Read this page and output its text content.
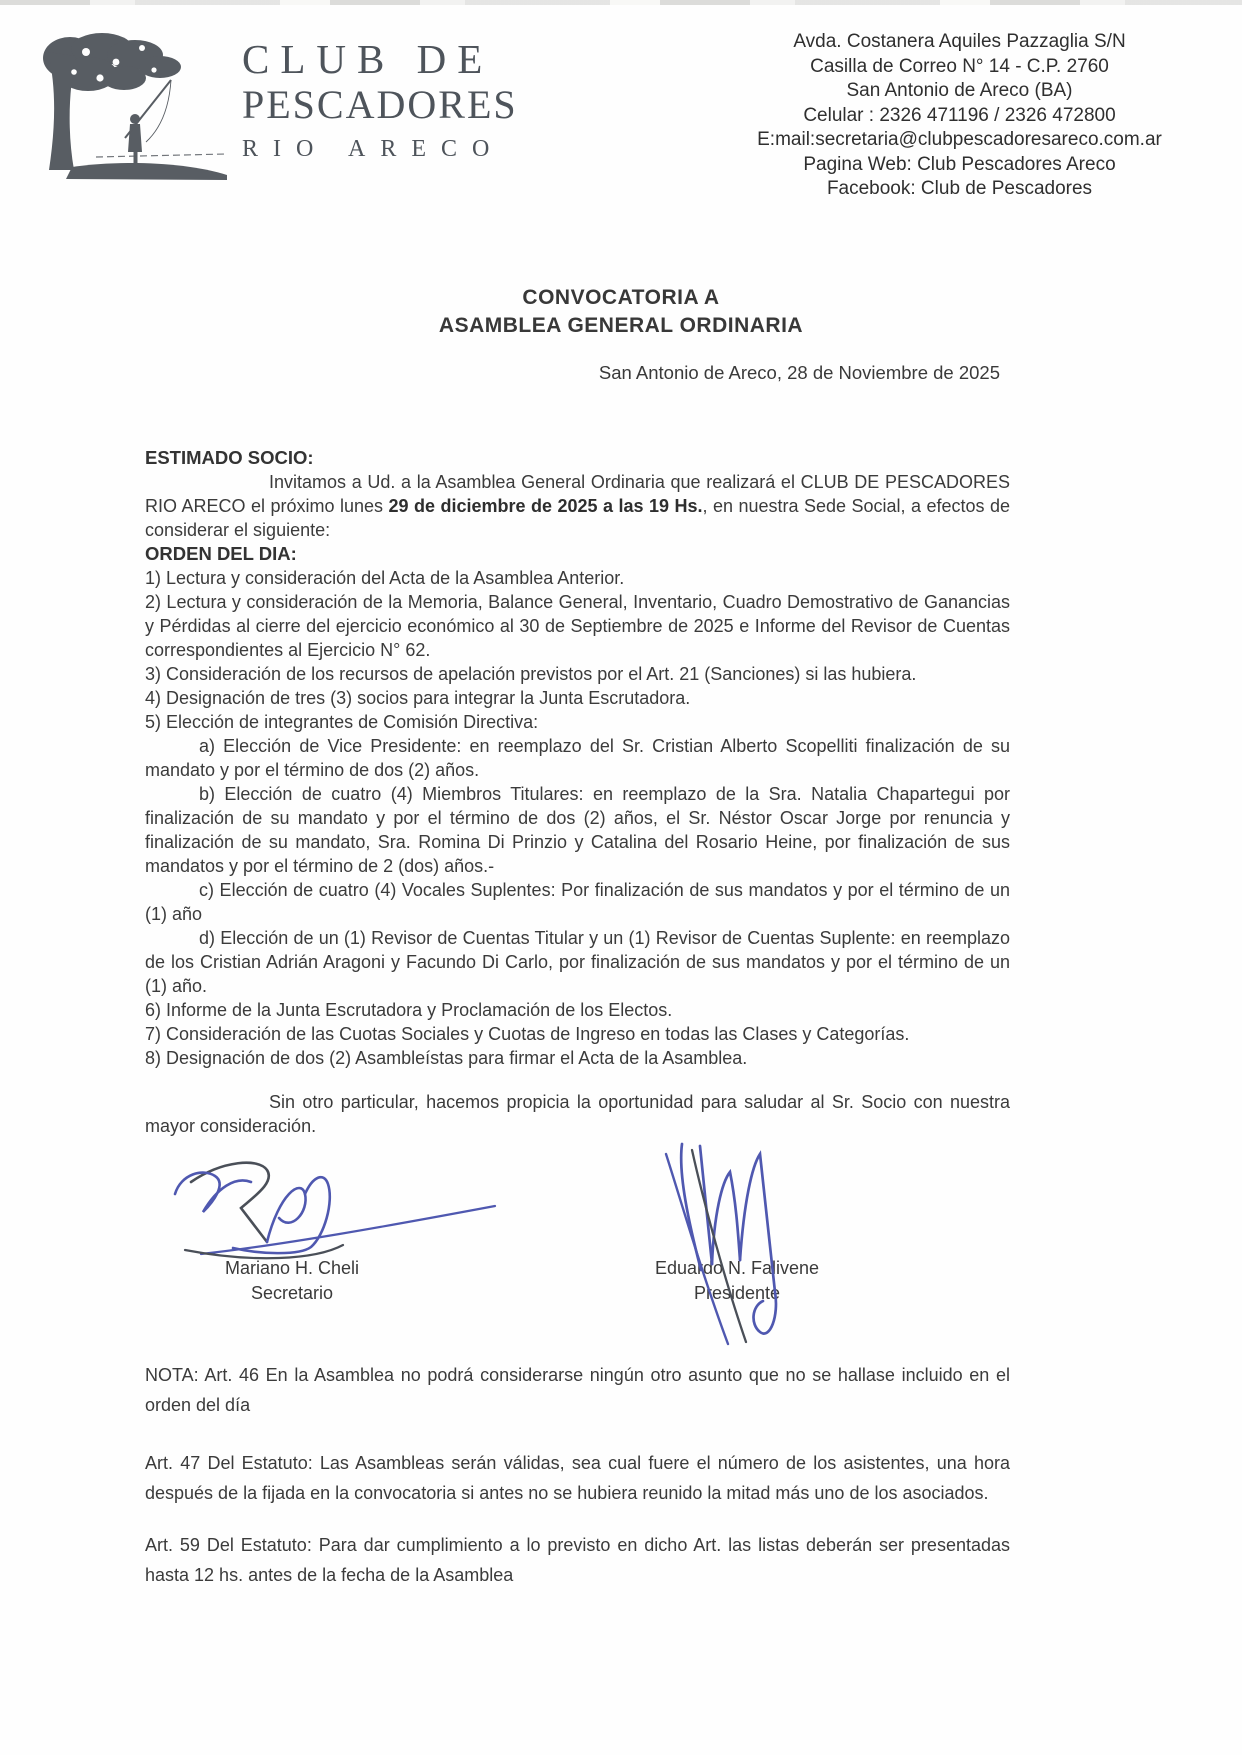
CLUB DE
PESCADORES
RIO ARECO
Avda. Costanera Aquiles Pazzaglia S/N
Casilla de Correo N° 14 - C.P. 2760
San Antonio de Areco (BA)
Celular : 2326 471196 / 2326 472800
E:mail:secretaria@clubpescadoresareco.com.ar
Pagina Web: Club Pescadores Areco
Facebook: Club de Pescadores
CONVOCATORIA A
ASAMBLEA GENERAL ORDINARIA
San Antonio de Areco, 28 de Noviembre de 2025

ESTIMADO SOCIO:

Invitamos a Ud. a la Asamblea General Ordinaria que realizará el CLUB DE PESCADORES RIO ARECO el próximo lunes 29 de diciembre de 2025 a las 19 Hs., en nuestra Sede Social, a efectos de considerar el siguiente:

ORDEN DEL DIA:

1) Lectura y consideración del Acta de la Asamblea Anterior.

2) Lectura y consideración de la Memoria, Balance General, Inventario, Cuadro Demostrativo de Ganancias y Pérdidas al cierre del ejercicio económico al 30 de Septiembre de 2025 e Informe del Revisor de Cuentas correspondientes al Ejercicio N° 62.

3) Consideración de los recursos de apelación previstos por el Art. 21 (Sanciones) si las hubiera.

4) Designación de tres (3) socios para integrar la Junta Escrutadora.

5) Elección de integrantes de Comisión Directiva:

a) Elección de Vice Presidente: en reemplazo del Sr. Cristian Alberto Scopelliti finalización de su mandato y por el término de dos (2) años.

b) Elección de cuatro (4) Miembros Titulares: en reemplazo de la Sra. Natalia Chapartegui por finalización de su mandato y por el término de dos (2) años, el Sr. Néstor Oscar Jorge por renuncia y finalización de su mandato, Sra. Romina Di Prinzio y Catalina del Rosario Heine, por finalización de sus mandatos y por el término de 2 (dos) años.-

c) Elección de cuatro (4) Vocales Suplentes: Por finalización de sus mandatos y por el término de un (1) año

d) Elección de un (1) Revisor de Cuentas Titular y un (1) Revisor de Cuentas Suplente: en reemplazo de los Cristian Adrián Aragoni y Facundo Di Carlo, por finalización de sus mandatos y por el término de un (1) año.

6) Informe de la Junta Escrutadora y Proclamación de los Electos.

7) Consideración de las Cuotas Sociales y Cuotas de Ingreso en todas las Clases y Categorías.

8) Designación de dos (2) Asambleístas para firmar el Acta de la Asamblea.

Sin otro particular, hacemos propicia la oportunidad para saludar al Sr. Socio con nuestra mayor consideración.

Mariano H. Cheli
Secretario
Eduardo N. Falivene
Presidente

NOTA: Art. 46 En la Asamblea no podrá considerarse ningún otro asunto que no se hallase incluido en el orden del día

Art. 47 Del Estatuto: Las Asambleas serán válidas, sea cual fuere el número de los asistentes, una hora después de la fijada en la convocatoria si antes no se hubiera reunido la mitad más uno de los asociados.

Art. 59 Del Estatuto: Para dar cumplimiento a lo previsto en dicho Art. las listas deberán ser presentadas hasta 12 hs. antes de la fecha de la Asamblea
